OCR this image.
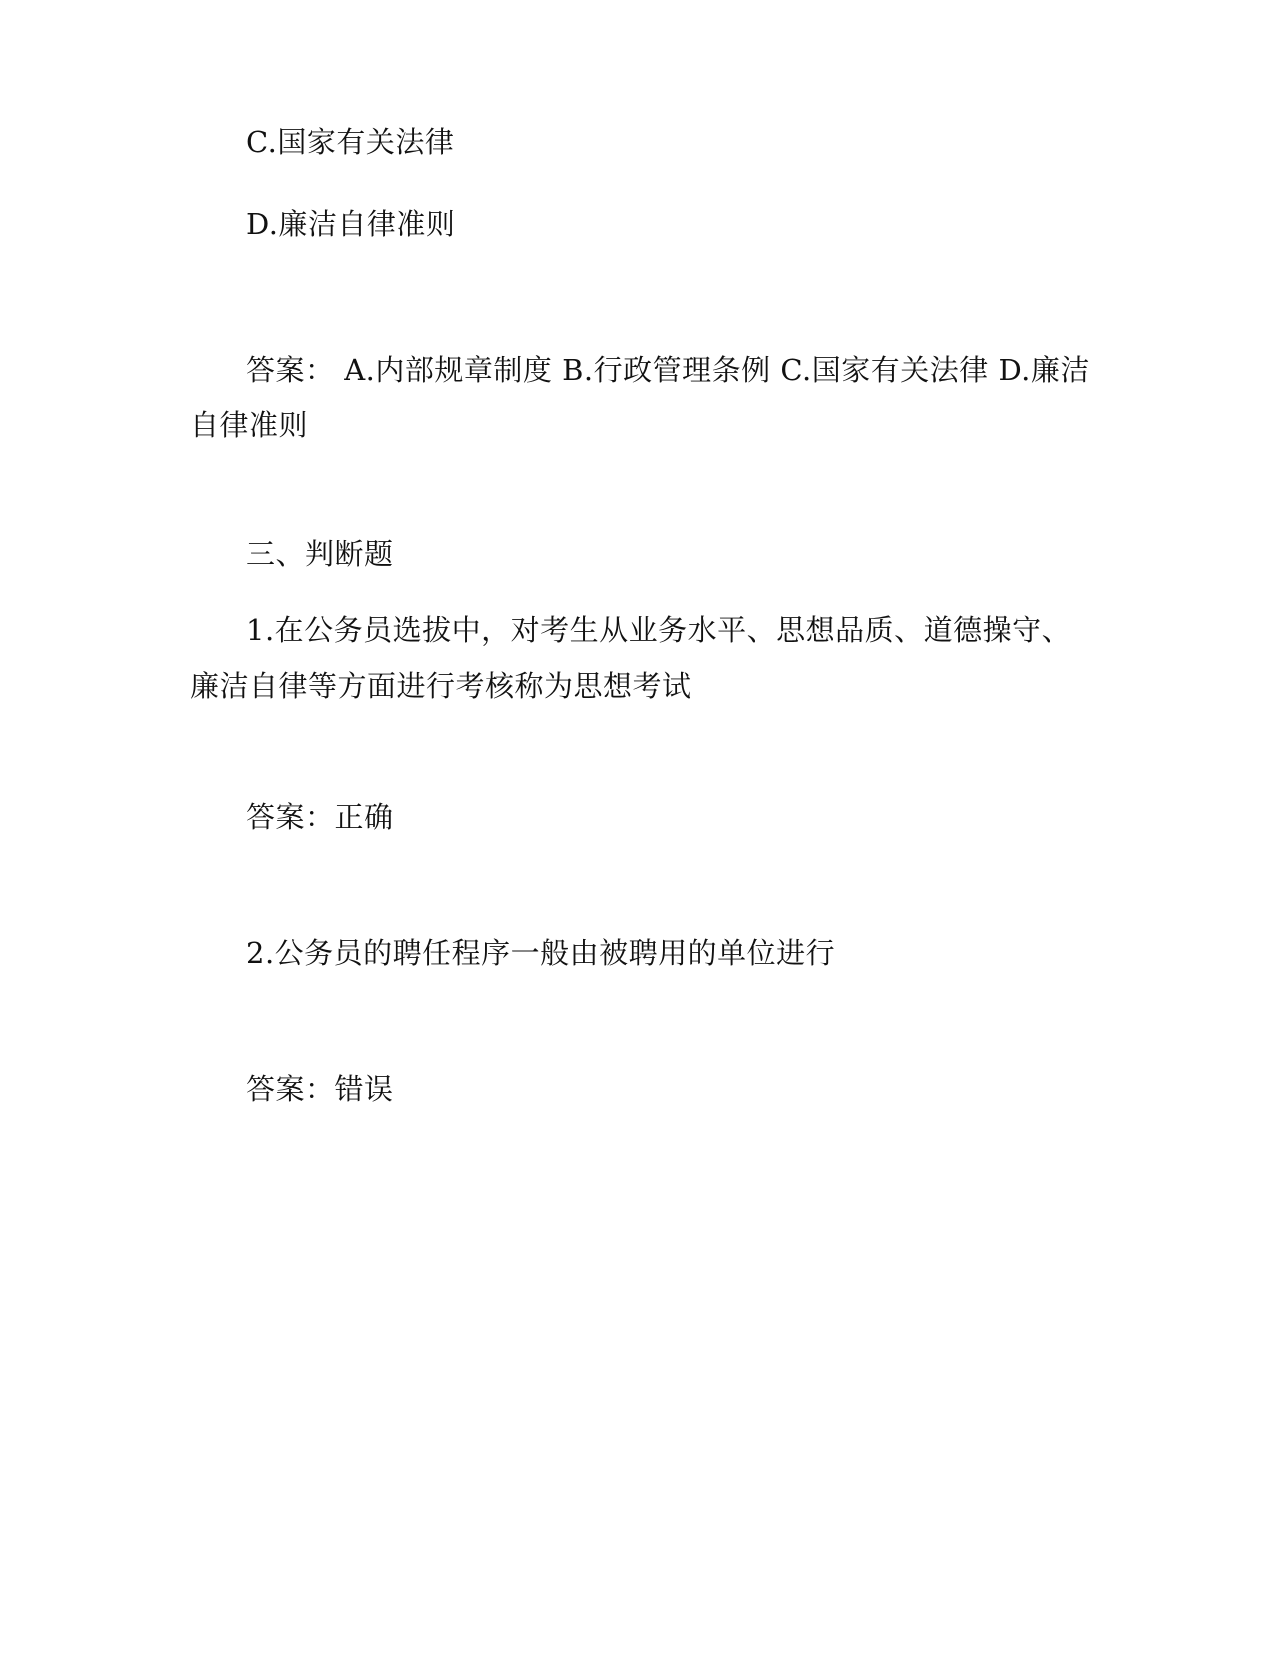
C.国家有关法律
D.廉洁自律准则
答案： A.内部规章制度 B.行政管理条例 C.国家有关法律 D.廉洁
自律准则
三、判断题
1.在公务员选拔中，对考生从业务水平、思想品质、道德操守、
廉洁自律等方面进行考核称为思想考试
答案：正确
2.公务员的聘任程序一般由被聘用的单位进行
答案：错误
